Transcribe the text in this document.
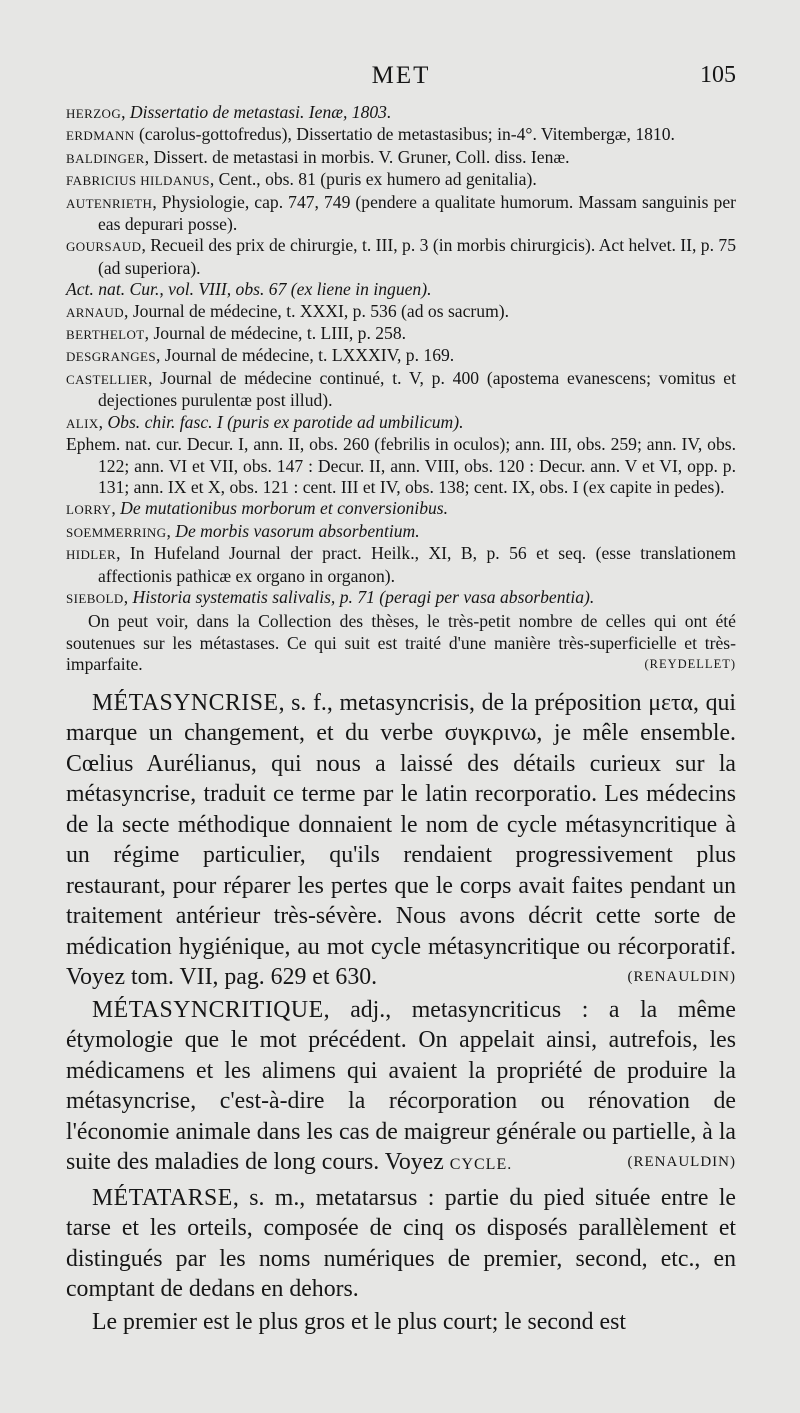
MET	105
HERZOG, Dissertatio de metastasi. Ienæ, 1803.
ERDMANN (carolus-gottofredus), Dissertatio de metastasibus; in-4°. Vitembergæ, 1810.
BALDINGER, Dissert. de metastasi in morbis. V. Gruner, Coll. diss. Ienæ.
FABRICIUS HILDANUS, Cent., obs. 81 (puris ex humero ad genitalia).
AUTENRIETH, Physiologie, cap. 747, 749 (pendere a qualitate humorum. Massam sanguinis per eas depurari posse).
GOURSAUD, Recueil des prix de chirurgie, t. III, p. 3 (in morbis chirurgicis). Act helvet. II, p. 75 (ad superiora).
Act. nat. Cur., vol. VIII, obs. 67 (ex liene in inguen).
ARNAUD, Journal de médecine, t. XXXI, p. 536 (ad os sacrum).
BERTHELOT, Journal de médecine, t. LIII, p. 258.
DESGRANGES, Journal de médecine, t. LXXXIV, p. 169.
CASTELLIER, Journal de médecine continué, t. V, p. 400 (apostema evanescens; vomitus et dejectiones purulentæ post illud).
ALIX, Obs. chir. fasc. I (puris ex parotide ad umbilicum).
Ephem. nat. cur. Decur. I, ann. II, obs. 260 (febrilis in oculos); ann. III, obs. 259; ann. IV, obs. 122; ann. VI et VII, obs. 147 : Decur. II, ann. VIII, obs. 120 : Decur. ann. V et VI, opp. p. 131; ann. IX et X, obs. 121 : cent. III et IV, obs. 138; cent. IX, obs. I (ex capite in pedes).
LORRY, De mutationibus morborum et conversionibus.
SOEMMERRING, De morbis vasorum absorbentium.
HIDLER, In Hufeland Journal der pract. Heilk., XI, B, p. 56 et seq. (esse translationem affectionis pathicæ ex organo in organon).
SIEBOLD, Historia systematis salivalis, p. 71 (peragi per vasa absorbentia).
On peut voir, dans la Collection des thèses, le très-petit nombre de celles qui ont été soutenues sur les métastases. Ce qui suit est traité d'une manière très-superficielle et très-imparfaite.	(REYDELLET)

MÉTASYNCRISE, s. f., metasyncrisis, de la préposition μετα, qui marque un changement, et du verbe συγκρινω, je mêle ensemble. Cœlius Aurélianus, qui nous a laissé des détails curieux sur la métasyncrise, traduit ce terme par le latin recorporatio. Les médecins de la secte méthodique donnaient le nom de cycle métasyncritique à un régime particulier, qu'ils rendaient progressivement plus restaurant, pour réparer les pertes que le corps avait faites pendant un traitement antérieur très-sévère. Nous avons décrit cette sorte de médication hygiénique, au mot cycle métasyncritique ou récorporatif. Voyez tom. VII, pag. 629 et 630.	(RENAULDIN)

MÉTASYNCRITIQUE, adj., metasyncriticus : a la même étymologie que le mot précédent. On appelait ainsi, autrefois, les médicamens et les alimens qui avaient la propriété de produire la métasyncrise, c'est-à-dire la récorporation ou rénovation de l'économie animale dans les cas de maigreur générale ou partielle, à la suite des maladies de long cours. Voyez CYCLE.	(RENAULDIN)

MÉTATARSE, s. m., metatarsus : partie du pied située entre le tarse et les orteils, composée de cinq os disposés parallèlement et distingués par les noms numériques de premier, second, etc., en comptant de dedans en dehors.

Le premier est le plus gros et le plus court; le second est
